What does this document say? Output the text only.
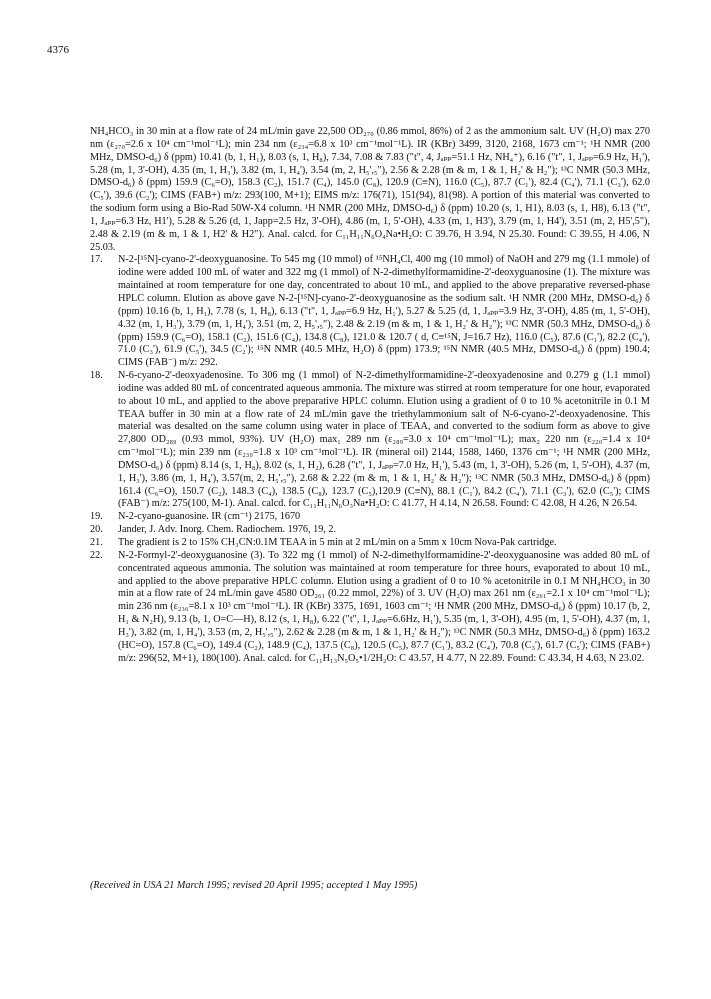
4376

NH₄HCO₃ in 30 min at a flow rate of 24 mL/min gave 22,500 OD₂₇₀ (0.86 mmol, 86%) of 2 as the ammonium salt. UV (H₂O) max 270 nm (ε₂₇₀=2.6 x 10⁴ cm⁻¹mol⁻¹L); min 234 nm (ε₂₃₄=6.8 x 10³ cm⁻¹mol⁻¹L). IR (KBr) 3499, 3120, 2168, 1673 cm⁻¹; ¹H NMR (200 MHz, DMSO-d₆) δ (ppm) 10.41 (b, 1, H₁), 8.03 (s, 1, H₈), 7.34, 7.08 & 7.83 ("t", 4, Jₐₚₚ=51.1 Hz, NH₄⁺), 6.16 ("t", 1, Jₐₚₚ=6.9 Hz, H₁'), 5.28 (m, 1, 3'-OH), 4.35 (m, 1, H₃'), 3.82 (m, 1, H₄'), 3.54 (m, 2, H₅',₅"), 2.56 & 2.28 (m & m, 1 & 1, H₂' & H₂"); ¹³C NMR (50.3 MHz, DMSO-d₆) δ (ppm) 159.9 (C₆=O), 158.3 (C₂), 151.7 (C₄), 145.0 (C₈), 120.9 (C≡N), 116.0 (C₅), 87.7 (C₁'), 82.4 (C₄'), 71.1 (C₃'), 62.0 (C₅'), 39.6 (C₂'); CIMS (FAB+) m/z: 293(100, M+1); EIMS m/z: 176(71), 151(94), 81(98). A portion of this material was converted to the sodium form using a Bio-Rad 50W-X4 column. ¹H NMR (200 MHz, DMSO-d₆) δ (ppm) 10.20 (s, 1, H1), 8.03 (s, 1, H8), 6.13 ("t", 1, Jₐₚₚ=6.3 Hz, H1'), 5.28 & 5.26 (d, 1, Japp=2.5 Hz, 3'-OH), 4.86 (m, 1, 5'-OH), 4.33 (m, 1, H3'), 3.79 (m, 1, H4'), 3.51 (m, 2, H5',5"), 2.48 & 2.19 (m & m, 1 & 1, H2' & H2"). Anal. calcd. for C₁₁H₁₁N₆O₄Na•H₂O: C 39.76, H 3.94, N 25.30. Found: C 39.55, H 4.06, N 25.03.

17.	N-2-[¹⁵N]-cyano-2'-deoxyguanosine. To 545 mg (10 mmol) of ¹⁵NH₄Cl, 400 mg (10 mmol) of NaOH and 279 mg (1.1 mmole) of iodine were added 100 mL of water and 322 mg (1 mmol) of N-2-dimethylformamidine-2'-deoxyguanosine (1). The mixture was maintained at room temperature for one day, concentrated to about 10 mL, and applied to the above preparative reversed-phase HPLC column. Elution as above gave N-2-[¹⁵N]-cyano-2'-deoxyguanosine as the sodium salt. ¹H NMR (200 MHz, DMSO-d₆) δ (ppm) 10.16 (b, 1, H₁), 7.78 (s, 1, H₈), 6.13 ("t", 1, Jₐₚₚ=6.9 Hz, H₁'), 5.27 & 5.25 (d, 1, Jₐₚₚ=3.9 Hz, 3'-OH), 4.85 (m, 1, 5'-OH), 4.32 (m, 1, H₃'), 3.79 (m, 1, H₄'), 3.51 (m, 2, H₅',₅"), 2.48 & 2.19 (m & m, 1 & 1, H₂' & H₂"); ¹³C NMR (50.3 MHz, DMSO-d₆) δ (ppm) 159.9 (C₆=O), 158.1 (C₂), 151.6 (C₄), 134.8 (C₈), 121.0 & 120.7 ( d, C≡¹⁵N, J=16.7 Hz), 116.0 (C₅), 87.6 (C₁'), 82.2 (C₄'), 71.0 (C₃'), 61.9 (C₅'), 34.5 (C₂'); ¹⁵N NMR (40.5 MHz, H₂O) δ (ppm) 173.9; ¹⁵N NMR (40.5 MHz, DMSO-d₆) δ (ppm) 190.4; CIMS (FAB⁻) m/z: 292.

18.	N-6-cyano-2'-deoxyadenosine. To 306 mg (1 mmol) of N-2-dimethylformamidine-2'-deoxyadenosine and 0.279 g (1.1 mmol) iodine was added 80 mL of concentrated aqueous ammonia. The mixture was stirred at room temperature for one hour, evaporated to about 10 mL, and applied to the above preparative HPLC column. Elution using a gradient of 0 to 10 % acetonitrile in 0.1 M TEAA buffer in 30 min at a flow rate of 24 mL/min gave the triethylammonium salt of N-6-cyano-2'-deoxyadenosine. This material was desalted on the same column using water in place of TEAA, and converted to the sodium form as above to give 27,800 OD₂₈₉ (0.93 mmol, 93%). UV (H₂O) max₁ 289 nm (ε₂₈₉=3.0 x 10⁴ cm⁻¹mol⁻¹L); max₂ 220 nm (ε₂₂₀=1.4 x 10⁴ cm⁻¹mol⁻¹L); min 239 nm (ε₂₃₉=1.8 x 10³ cm⁻¹mol⁻¹L). IR (mineral oil) 2144, 1588, 1460, 1376 cm⁻¹; ¹H NMR (200 MHz, DMSO-d₆) δ (ppm) 8.14 (s, 1, H₈), 8.02 (s, 1, H₂), 6.28 ("t", 1, Jₐₚₚ=7.0 Hz, H₁'), 5.43 (m, 1, 3'-OH), 5.26 (m, 1, 5'-OH), 4.37 (m, 1, H₃'), 3.86 (m, 1, H₄'), 3.57(m, 2, H₅',₅"), 2.68 & 2.22 (m & m, 1 & 1, H₂' & H₂"); ¹³C NMR (50.3 MHz, DMSO-d₆) δ (ppm) 161.4 (C₆=O), 150.7 (C₂), 148.3 (C₄), 138.5 (C₈), 123.7 (C₅),120.9 (C≡N), 88.1 (C₁'), 84.2 (C₄'), 71.1 (C₃'), 62.0 (C₅'); CIMS (FAB⁻) m/z: 275(100, M-1). Anal. calcd. for C₁₁H₁₁N₆O₃Na•H₂O: C 41.77, H 4.14, N 26.58. Found: C 42.08, H 4.26, N 26.54.

19.	N-2-cyano-guanosine. IR (cm⁻¹) 2175, 1670

20.	Jander, J. Adv. Inorg. Chem. Radiochem. 1976, 19, 2.

21.	The gradient is 2 to 15% CH₃CN:0.1M TEAA in 5 min at 2 mL/min on a 5mm x 10cm Nova-Pak cartridge.

22.	N-2-Formyl-2'-deoxyguanosine (3). To 322 mg (1 mmol) of N-2-dimethylformamidine-2'-deoxyguanosine was added 80 mL of concentrated aqueous ammonia. The solution was maintained at room temperature for three hours, evaporated to about 10 mL, and applied to the above preparative HPLC column. Elution using a gradient of 0 to 10 % acetonitrile in 0.1 M NH₄HCO₃ in 30 min at a flow rate of 24 mL/min gave 4580 OD₂₆₁ (0.22 mmol, 22%) of 3. UV (H₂O) max 261 nm (ε₂₆₁=2.1 x 10⁴ cm⁻¹mol⁻¹L); min 236 nm (ε₂₃₆=8.1 x 10³ cm⁻¹mol⁻¹L). IR (KBr) 3375, 1691, 1603 cm⁻¹; ¹H NMR (200 MHz, DMSO-d₆) δ (ppm) 10.17 (b, 2, H₁ & N₂H), 9.13 (b, 1, O=C—H), 8.12 (s, 1, H₈), 6.22 ("t", 1, Jₐₚₚ=6.6Hz, H₁'), 5.35 (m, 1, 3'-OH), 4.95 (m, 1, 5'-OH), 4.37 (m, 1, H₃'), 3.82 (m, 1, H₄'), 3.53 (m, 2, H₅',₅"), 2.62 & 2.28 (m & m, 1 & 1, H₂' & H₂"); ¹³C NMR (50.3 MHz, DMSO-d₆) δ (ppm) 163.2 (HC=O), 157.8 (C₆=O), 149.4 (C₂), 148.9 (C₄), 137.5 (C₈), 120.5 (C₅), 87.7 (C₁'), 83.2 (C₄'), 70.8 (C₃'), 61.7 (C₅'); CIMS (FAB+) m/z: 296(52, M+1), 180(100). Anal. calcd. for C₁₁H₁₃N₅O₅•1/2H₂O: C 43.57, H 4.77, N 22.89. Found: C 43.34, H 4.63, N 23.02.

(Received in USA 21 March 1995; revised 20 April 1995; accepted 1 May 1995)
